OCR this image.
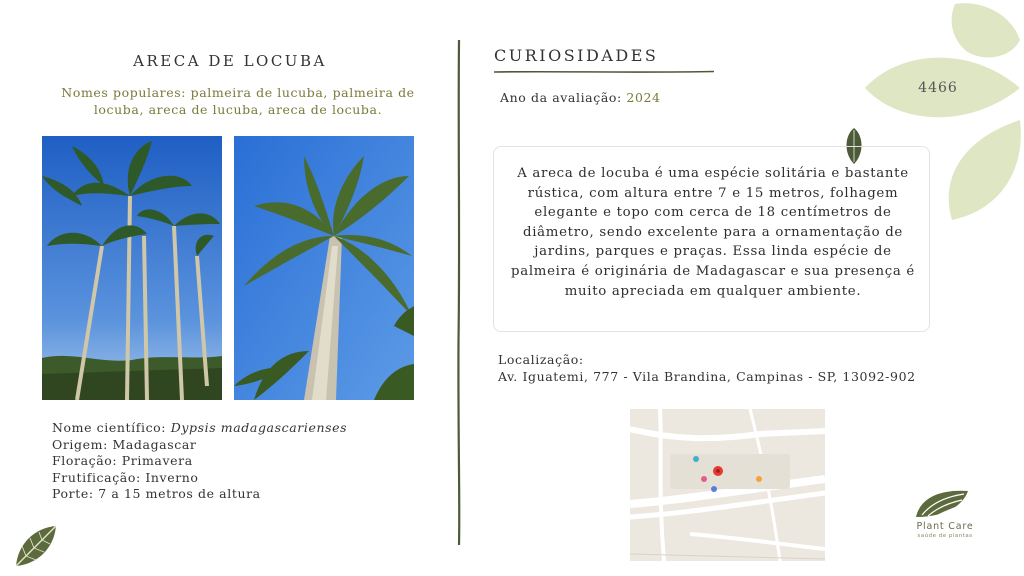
ARECA DE LOCUBA
Nomes populares: palmeira de lucuba, palmeira de locuba, areca de lucuba, areca de locuba.
Nome científico: Dypsis madagascarienses
Origem: Madagascar
Floração: Primavera
Frutificação: Inverno
Porte: 7 a 15 metros de altura
CURIOSIDADES
Ano da avaliação: 2024
A areca de locuba é uma espécie solitária e bastante rústica, com altura entre 7 e 15 metros, folhagem elegante e topo com cerca de 18 centímetros de diâmetro, sendo excelente para a ornamentação de jardins, parques e praças. Essa linda espécie de palmeira é originária de Madagascar e sua presença é muito apreciada em qualquer ambiente.
Localização:
Av. Iguatemi, 777 - Vila Brandina, Campinas - SP, 13092-902
4466
Plant Care
saúde de plantas
